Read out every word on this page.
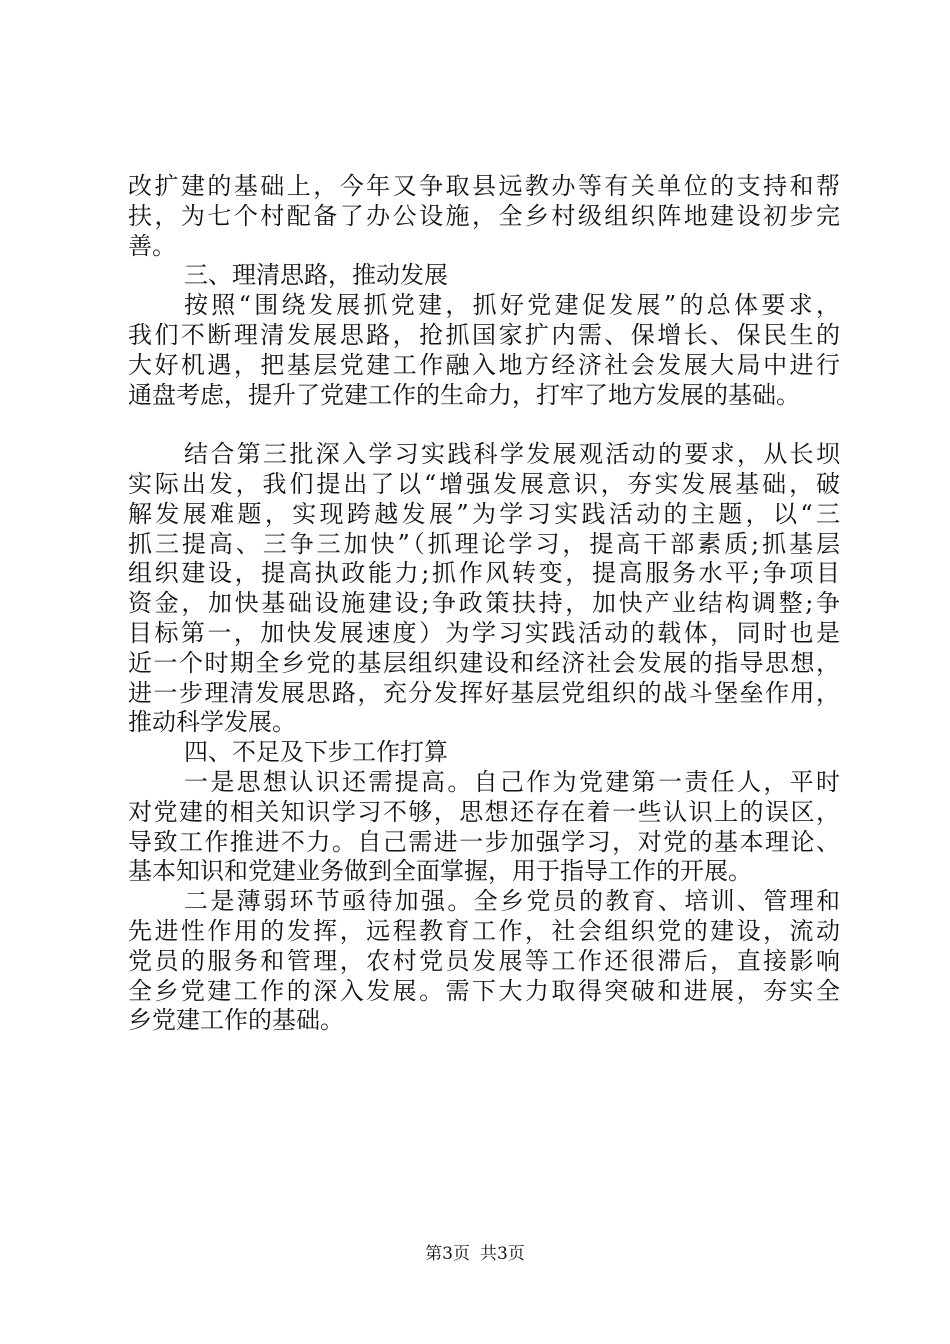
改扩建的基础上，今年又争取县远教办等有关单位的支持和帮
扶，为七个村配备了办公设施，全乡村级组织阵地建设初步完
善。
三、理清思路，推动发展
按照“围绕发展抓党建，抓好党建促发展”的总体要求，
我们不断理清发展思路，抢抓国家扩内需、保增长、保民生的
大好机遇，把基层党建工作融入地方经济社会发展大局中进行
通盘考虑，提升了党建工作的生命力，打牢了地方发展的基础。
结合第三批深入学习实践科学发展观活动的要求，从长坝
实际出发，我们提出了以“增强发展意识，夯实发展基础，破
解发展难题，实现跨越发展”为学习实践活动的主题，以“三
抓三提高、三争三加快”（抓理论学习，提高干部素质;抓基层
组织建设，提高执政能力;抓作风转变，提高服务水平;争项目
资金，加快基础设施建设;争政策扶持，加快产业结构调整;争
目标第一，加快发展速度）为学习实践活动的载体，同时也是
近一个时期全乡党的基层组织建设和经济社会发展的指导思想，
进一步理清发展思路，充分发挥好基层党组织的战斗堡垒作用，
推动科学发展。
四、不足及下步工作打算
一是思想认识还需提高。自己作为党建第一责任人，平时
对党建的相关知识学习不够，思想还存在着一些认识上的误区，
导致工作推进不力。自己需进一步加强学习，对党的基本理论、
基本知识和党建业务做到全面掌握，用于指导工作的开展。
二是薄弱环节亟待加强。全乡党员的教育、培训、管理和
先进性作用的发挥，远程教育工作，社会组织党的建设，流动
党员的服务和管理，农村党员发展等工作还很滞后，直接影响
全乡党建工作的深入发展。需下大力取得突破和进展，夯实全
乡党建工作的基础。
第3页 共3页
